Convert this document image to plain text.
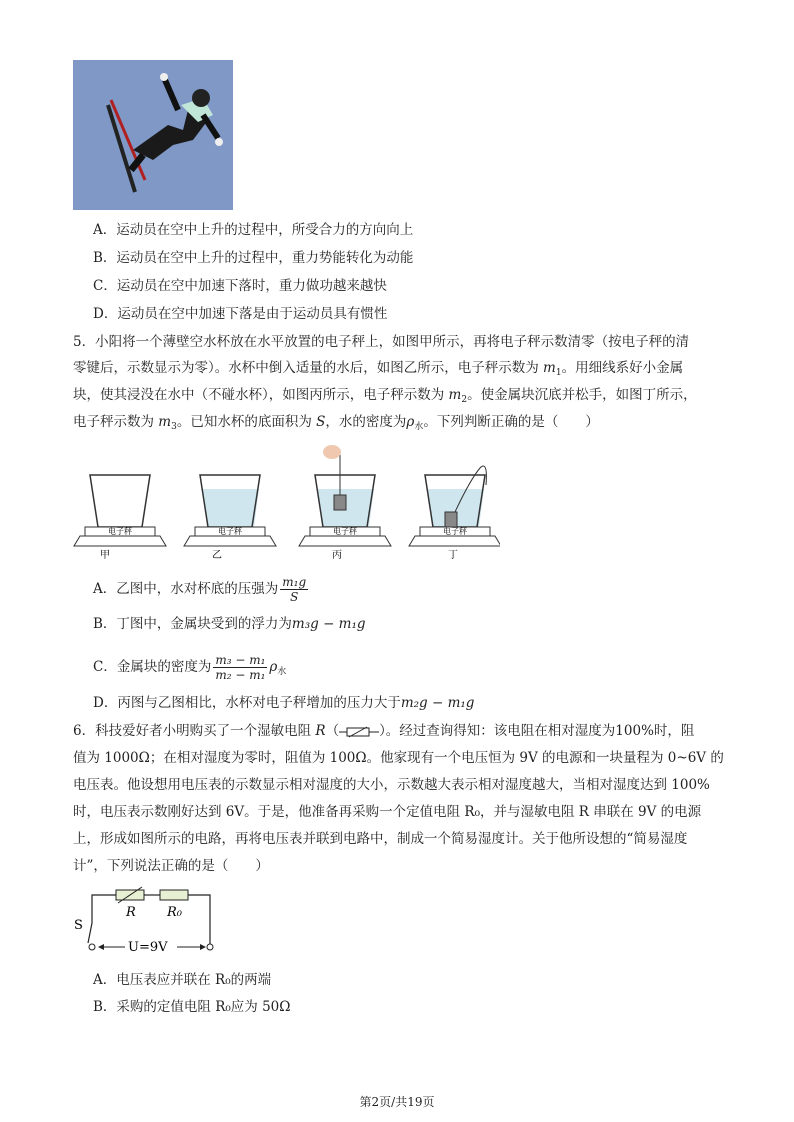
A．运动员在空中上升的过程中，所受合力的方向向上
B．运动员在空中上升的过程中，重力势能转化为动能
C．运动员在空中加速下落时，重力做功越来越快
D．运动员在空中加速下落是由于运动员具有惯性
5．小阳将一个薄壁空水杯放在水平放置的电子秤上，如图甲所示，再将电子秤示数清零（按电子秤的清
零键后，示数显示为零）。水杯中倒入适量的水后，如图乙所示，电子秤示数为 $m_1$。用细线系好小金属
块，使其浸没在水中（不碰水杯），如图丙所示，电子秤示数为 $m_2$。使金属块沉底并松手，如图丁所示，
电子秤示数为 $m_3$。已知水杯的底面积为 S，水的密度为$\rho_水$。下列判断正确的是（　　）
电子秤	电子秤	电子秤	电子秤
甲	乙	丙	丁
A．乙图中，水对杯底的压强为 $\frac{\text{m₁g}}{S}$
B．丁图中，金属块受到的浮力为m₃g − m₁g
C．金属块的密度为 $\frac{\text{m₃ − m₁}}{\text{m₂ − m₁}} \rho_水$
D．丙图与乙图相比，水杯对电子秤增加的压力大于m₂g − m₁g
6．科技爱好者小明购买了一个湿敏电阻 R（	）。经过查询得知：该电阻在相对湿度为100%时，阻
值为 1000Ω；在相对湿度为零时，阻值为 100Ω。他家现有一个电压恒为 9V 的电源和一块量程为 0~6V 的
电压表。他设想用电压表的示数显示相对湿度的大小，示数越大表示相对湿度越大，当相对湿度达到 100%
时，电压表示数刚好达到 6V。于是，他准备再采购一个定值电阻 R₀，并与湿敏电阻 R 串联在 9V 的电源
上，形成如图所示的电路，再将电压表并联到电路中，制成一个简易湿度计。关于他所设想的“简易湿度
计”，下列说法正确的是（　　）
S
R R₀
U=9V
A．电压表应并联在 R₀的两端
B．采购的定值电阻 R₀应为 50Ω
第2页/共19页
